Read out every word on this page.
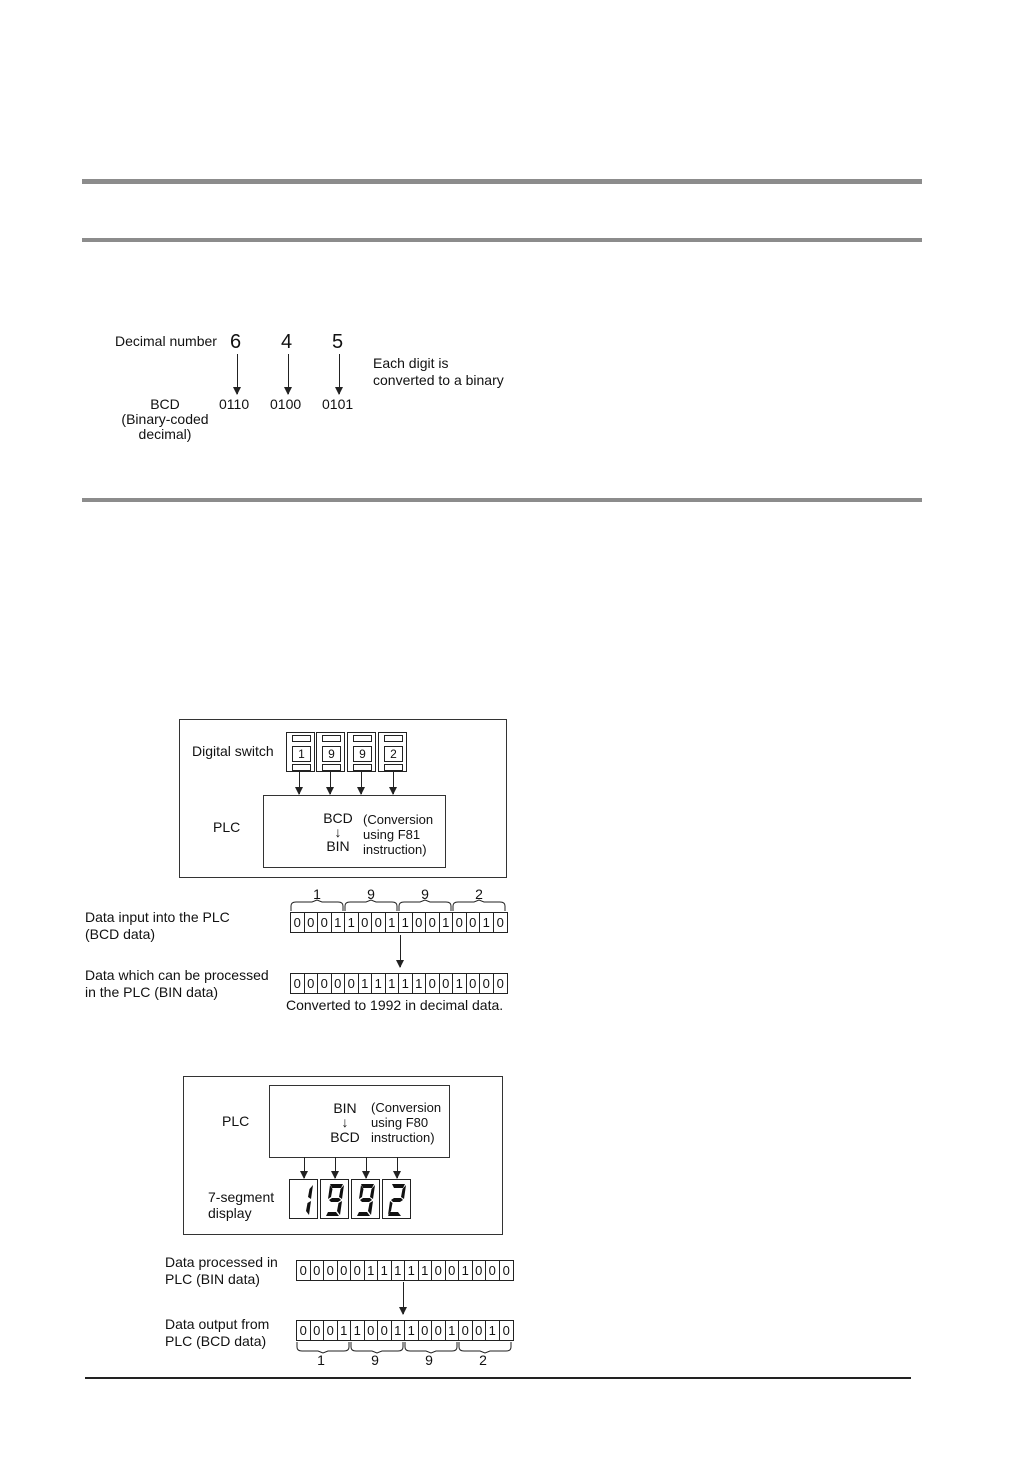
Decimal number 6 4 5
0110 0100 0101
BCD
(Binary-coded
decimal)
Each digit is
converted to a binary
Digital switch	1	9	9	2
PLC
BCD
↓
BIN
(Conversion
using F81
instruction)
1	9	9	2
Data input into the PLC
(BCD data)
0 0 0 1 1 0 0 1 1 0 0 1 0 0 1 0
Data which can be processed
in the PLC (BIN data)
0 0 0 0 0 1 1 1 1 1 0 0 1 0 0 0
Converted to 1992 in decimal data.
PLC
BIN
↓
BCD
(Conversion
using F80
instruction)
7-segment
display
Data processed in
PLC (BIN data)
0 0 0 0 0 1 1 1 1 1 0 0 1 0 0 0
Data output from
PLC (BCD data)
0 0 0 1 1 0 0 1 1 0 0 1 0 0 1 0
1	9	9	2
